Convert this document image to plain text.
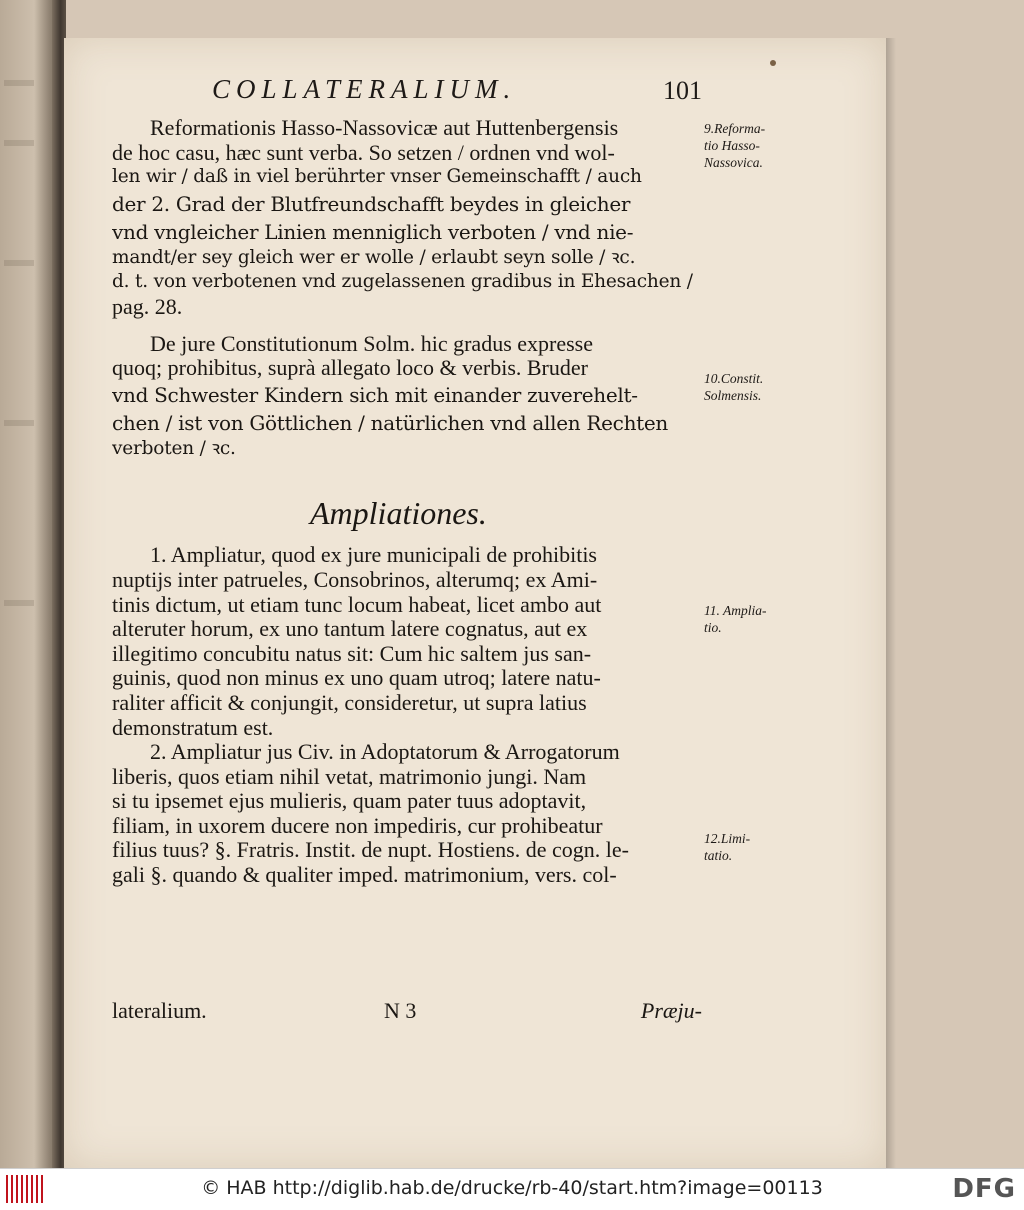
COLLATERALIUM.	101
Reformationis Hasso-Nassovicæ aut Huttenbergensis
de hoc casu, hæc sunt verba. So setzen / ordnen vnd wol-
len wir / daß in viel berührter vnser Gemeinschafft / auch
der 2. Grad der Blutfreundschafft beydes in gleicher
vnd vngleicher Linien menniglich verboten / vnd nie-
mandt/er sey gleich wer er wolle / erlaubt seyn solle / ꝛc.
d. t. von verbotenen vnd zugelassenen gradibus in Ehesachen /
pag. 28.
De jure Constitutionum Solm. hic gradus expresse
quoq; prohibitus, suprà allegato loco & verbis. Bruder
vnd Schwester Kindern sich mit einander zuverehelt-
chen / ist von Göttlichen / natürlichen vnd allen Rechten
verboten / ꝛc.
Ampliationes.
1. Ampliatur, quod ex jure municipali de prohibitis
nuptijs inter patrueles, Consobrinos, alterumq; ex Ami-
tinis dictum, ut etiam tunc locum habeat, licet ambo aut
alteruter horum, ex uno tantum latere cognatus, aut ex
illegitimo concubitu natus sit: Cum hic saltem jus san-
guinis, quod non minus ex uno quam utroq; latere natu-
raliter afficit & conjungit, consideretur, ut supra latius
demonstratum est.
2. Ampliatur jus Civ. in Adoptatorum & Arrogatorum
liberis, quos etiam nihil vetat, matrimonio jungi. Nam
si tu ipsemet ejus mulieris, quam pater tuus adoptavit,
filiam, in uxorem ducere non impediris, cur prohibeatur
filius tuus? §. Fratris. Instit. de nupt. Hostiens. de cogn. le-
gali §. quando & qualiter imped. matrimonium, vers. col-
lateralium.	N 3	Præju-
9.Reforma-
tio Hasso-
Nassovica.
10.Constit.
Solmensis.
11. Amplia-
tio.
12.Limi-
tatio.
© HAB http://diglib.hab.de/drucke/rb-40/start.htm?image=00113	DFG
